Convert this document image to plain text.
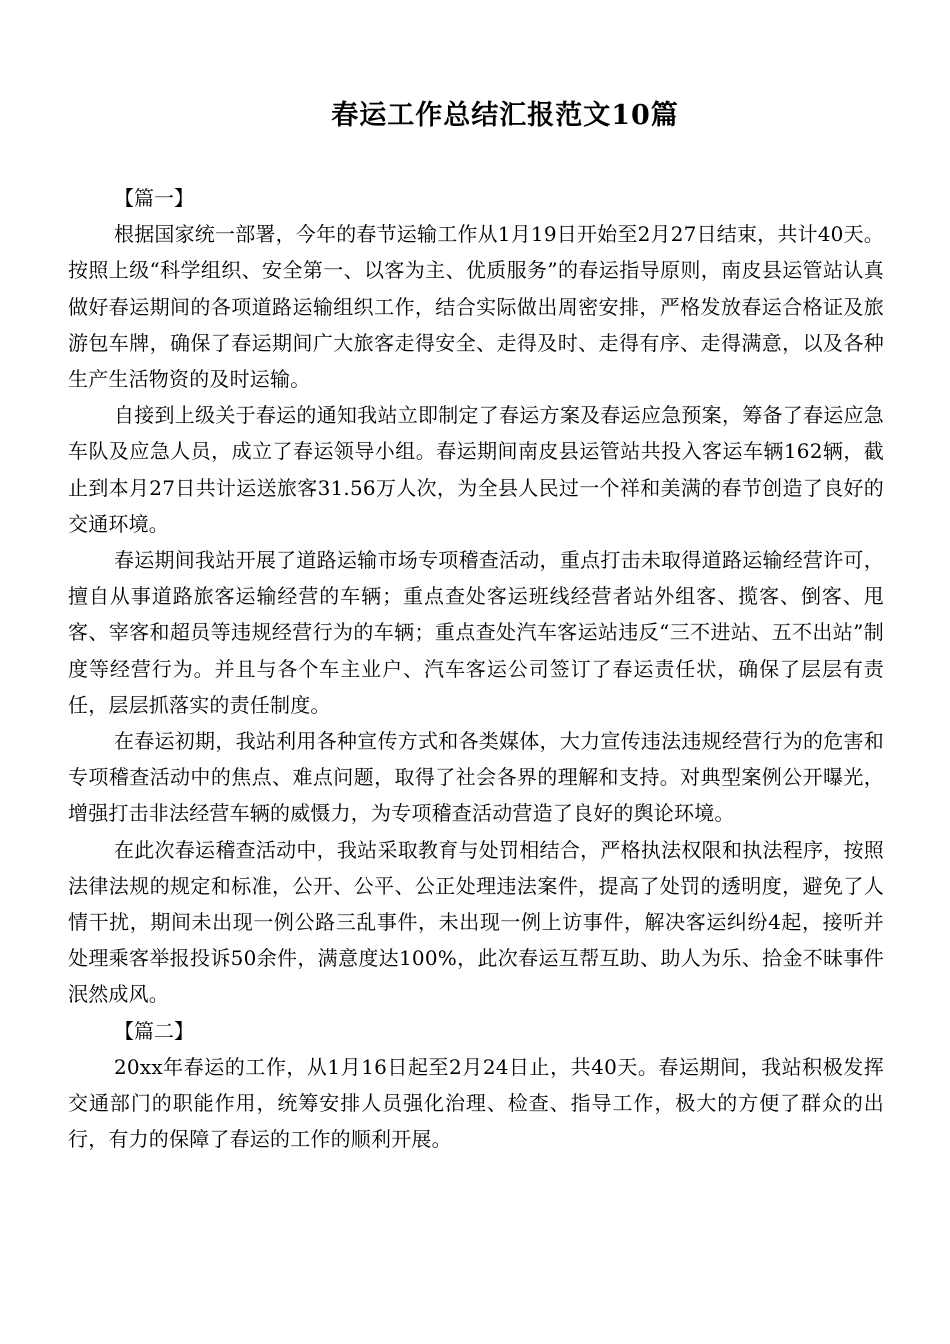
春运工作总结汇报范文10篇

【篇一】

根据国家统一部署，今年的春节运输工作从1月19日开始至2月27日结束，共计40天。按照上级“科学组织、安全第一、以客为主、优质服务”的春运指导原则，南皮县运管站认真做好春运期间的各项道路运输组织工作，结合实际做出周密安排，严格发放春运合格证及旅游包车牌，确保了春运期间广大旅客走得安全、走得及时、走得有序、走得满意，以及各种生产生活物资的及时运输。

自接到上级关于春运的通知我站立即制定了春运方案及春运应急预案，筹备了春运应急车队及应急人员，成立了春运领导小组。春运期间南皮县运管站共投入客运车辆162辆，截止到本月27日共计运送旅客31.56万人次，为全县人民过一个祥和美满的春节创造了良好的交通环境。

春运期间我站开展了道路运输市场专项稽查活动，重点打击未取得道路运输经营许可，擅自从事道路旅客运输经营的车辆；重点查处客运班线经营者站外组客、揽客、倒客、甩客、宰客和超员等违规经营行为的车辆；重点查处汽车客运站违反“三不进站、五不出站”制度等经营行为。并且与各个车主业户、汽车客运公司签订了春运责任状，确保了层层有责任，层层抓落实的责任制度。

在春运初期，我站利用各种宣传方式和各类媒体，大力宣传违法违规经营行为的危害和专项稽查活动中的焦点、难点问题，取得了社会各界的理解和支持。对典型案例公开曝光，增强打击非法经营车辆的威慑力，为专项稽查活动营造了良好的舆论环境。

在此次春运稽查活动中，我站采取教育与处罚相结合，严格执法权限和执法程序，按照法律法规的规定和标准，公开、公平、公正处理违法案件，提高了处罚的透明度，避免了人情干扰，期间未出现一例公路三乱事件，未出现一例上访事件，解决客运纠纷4起，接听并处理乘客举报投诉50余件，满意度达100%，此次春运互帮互助、助人为乐、拾金不昧事件泯然成风。

【篇二】

20xx年春运的工作，从1月16日起至2月24日止，共40天。春运期间，我站积极发挥交通部门的职能作用，统筹安排人员强化治理、检查、指导工作，极大的方便了群众的出行，有力的保障了春运的工作的顺利开展。
